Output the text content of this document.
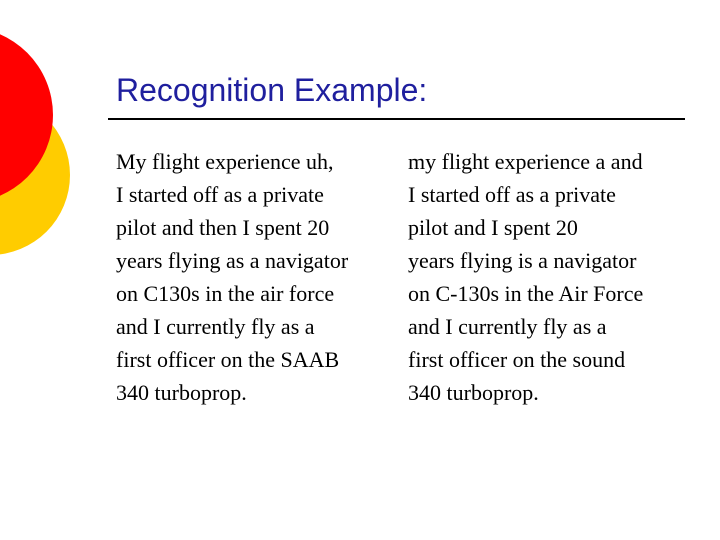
Recognition Example:
My flight experience uh,
I started off as a private
pilot and then I spent 20
years flying as a navigator
on C130s in the air force
and I currently fly as a
first officer on the SAAB
340 turboprop.
my flight experience a and
I started off as a private
pilot and I spent 20
years flying is a navigator
on C-130s in the Air Force
and I currently fly as a
first officer on the sound
340 turboprop.
